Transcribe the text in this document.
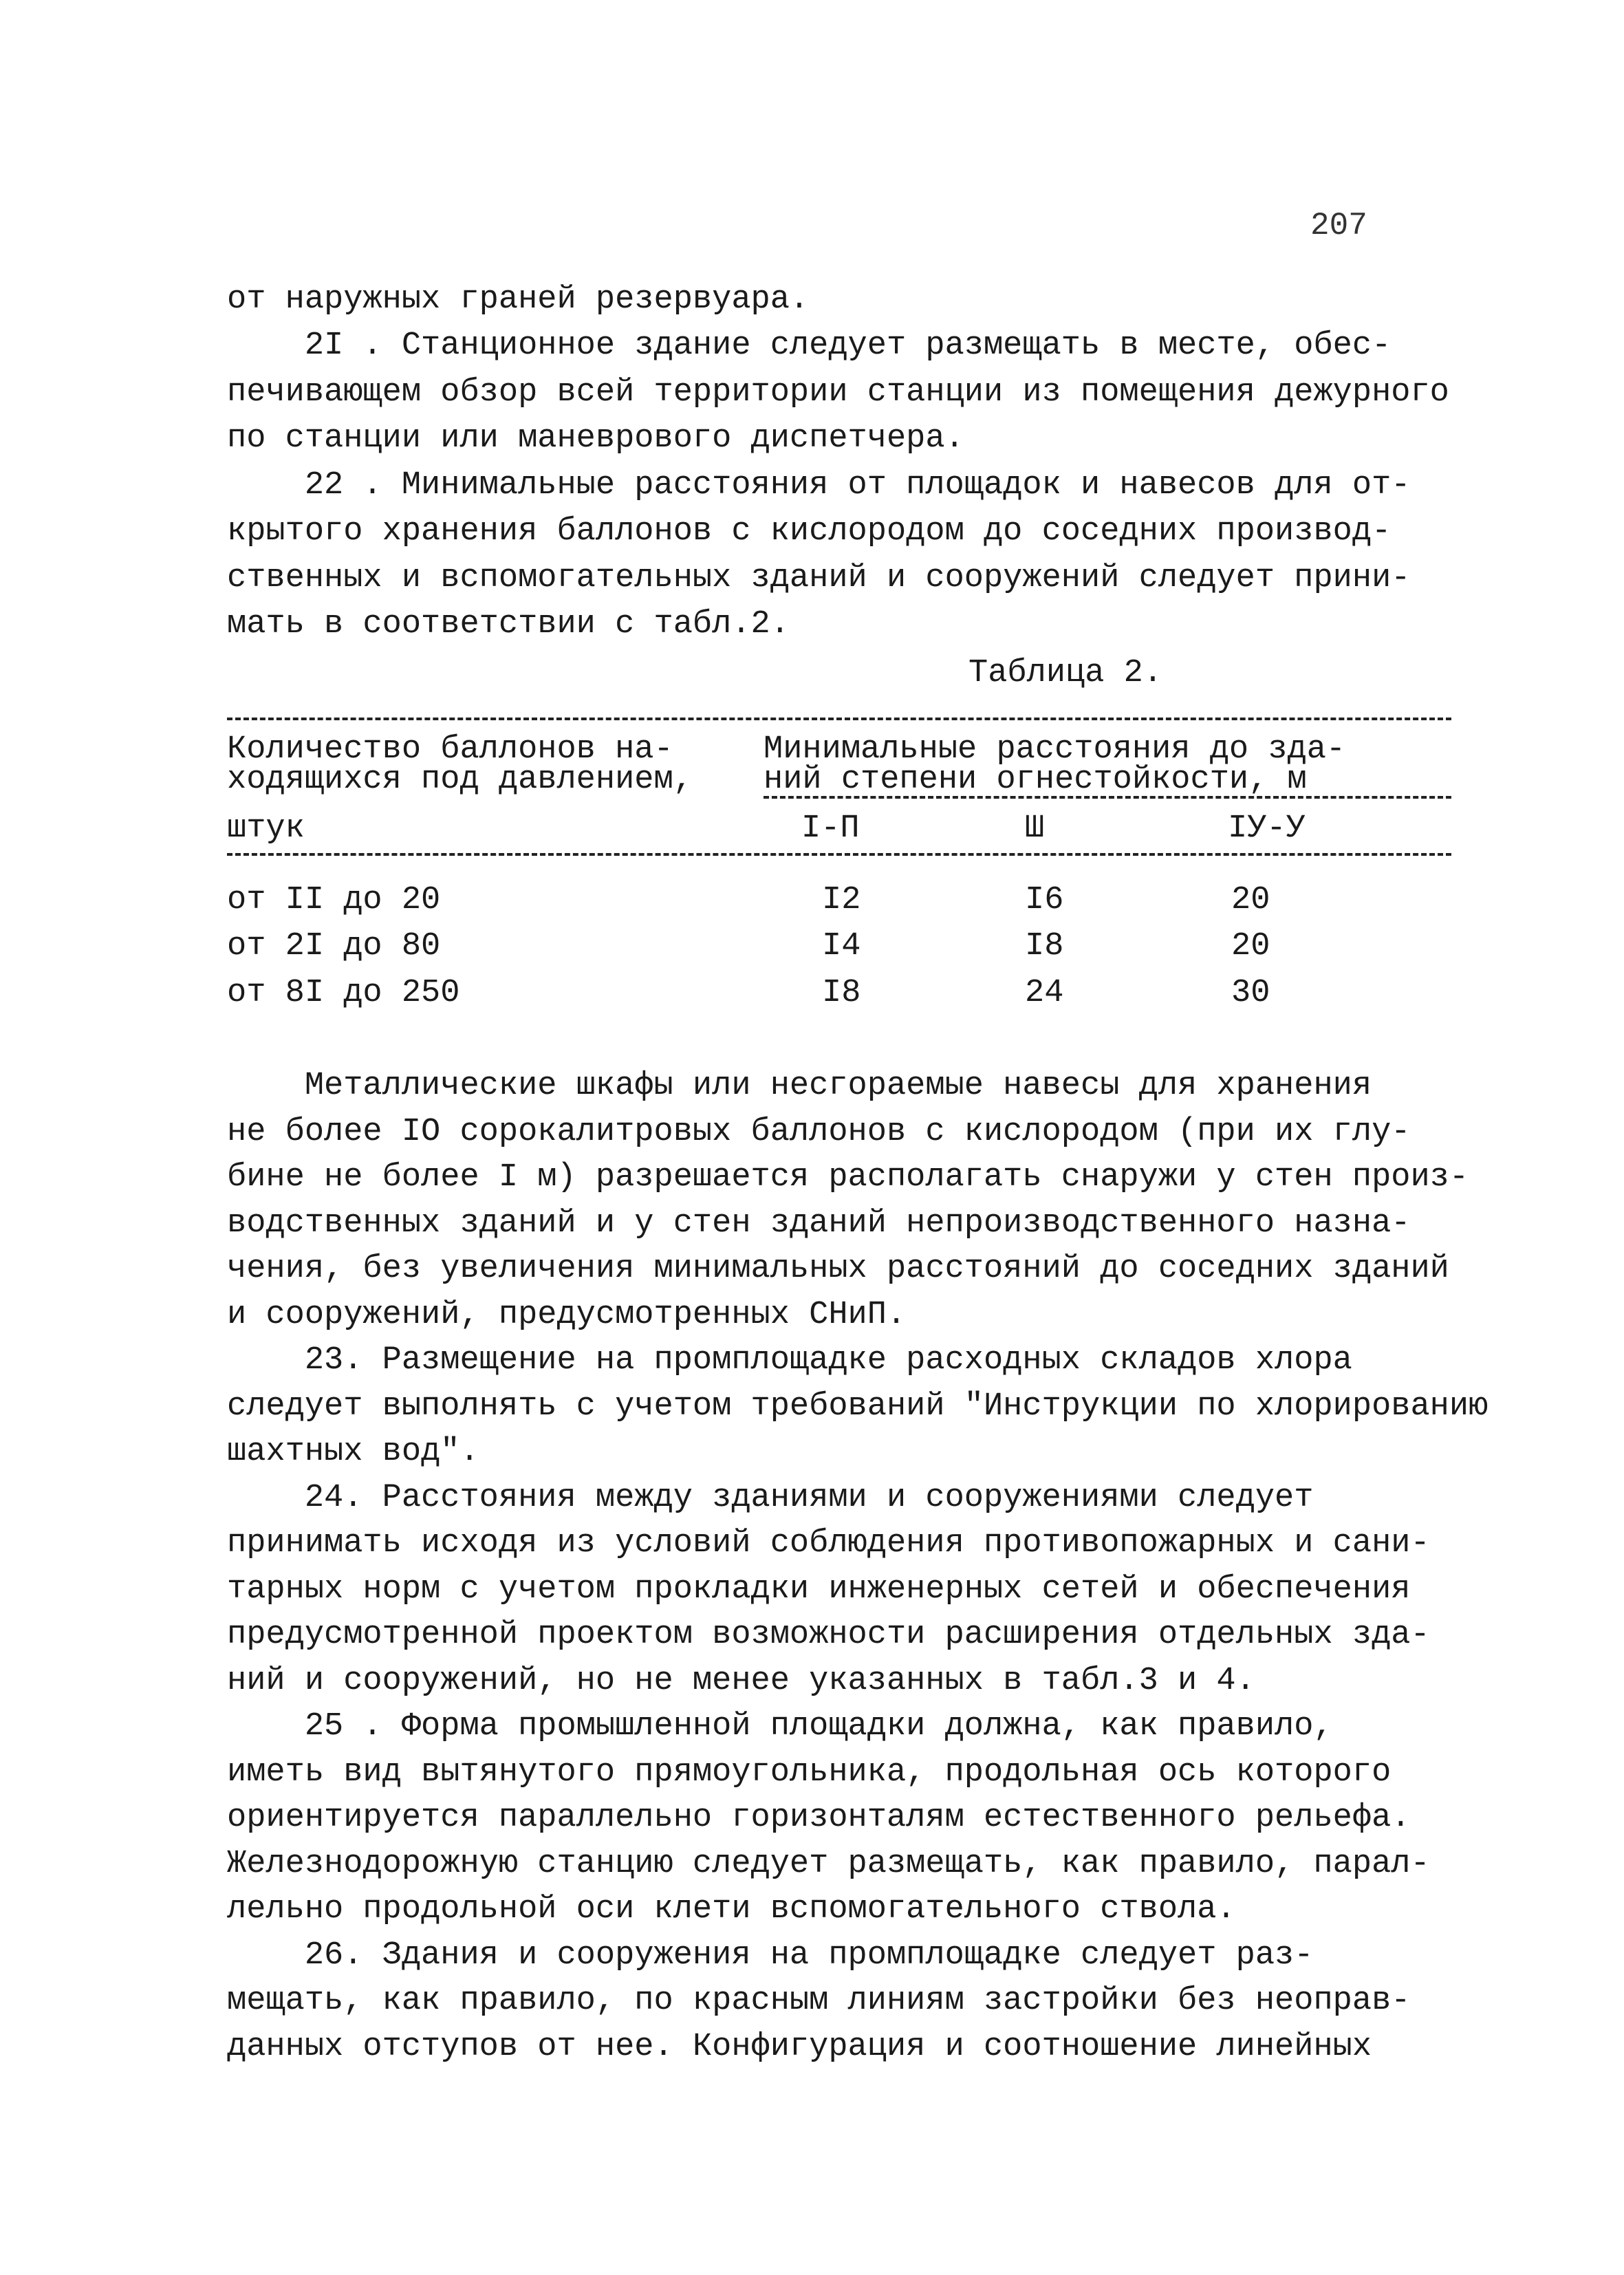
207
от наружных граней резервуара.
2I . Станционное здание следует размещать в месте, обес-
печивающем обзор всей территории станции из помещения дежурного
по станции или маневрового диспетчера.
22 . Минимальные расстояния от площадок и навесов для от-
крытого хранения баллонов с кислородом до соседних производ-
ственных и вспомогательных зданий и сооружений следует прини-
мать в соответствии с табл.2.
Таблица 2.
Количество баллонов на-
ходящихся под давлением,
Минимальные расстояния до зда-
ний степени огнестойкости, м
штук	I-П	Ш	IУ-У
от II до 20	I2	I6	20
от 2I до 80	I4	I8	20
от 8I до 250	I8	24	30
Металлические шкафы или несгораемые навесы для хранения
не более IO сорокалитровых баллонов с кислородом (при их глу-
бине не более I м) разрешается располагать снаружи у стен произ-
водственных зданий и у стен зданий непроизводственного назна-
чения, без увеличения минимальных расстояний до соседних зданий
и сооружений, предусмотренных СНиП.
23. Размещение на промплощадке расходных складов хлора
следует выполнять с учетом требований "Инструкции по хлорированию
шахтных вод".
24. Расстояния между зданиями и сооружениями следует
принимать исходя из условий соблюдения противопожарных и сани-
тарных норм с учетом прокладки инженерных сетей и обеспечения
предусмотренной проектом возможности расширения отдельных зда-
ний и сооружений, но не менее указанных в табл.3 и 4.
25 . Форма промышленной площадки должна, как правило,
иметь вид вытянутого прямоугольника, продольная ось которого
ориентируется параллельно горизонталям естественного рельефа.
Железнодорожную станцию следует размещать, как правило, парал-
лельно продольной оси клети вспомогательного ствола.
26. Здания и сооружения на промплощадке следует раз-
мещать, как правило, по красным линиям застройки без неоправ-
данных отступов от нее. Конфигурация и соотношение линейных
